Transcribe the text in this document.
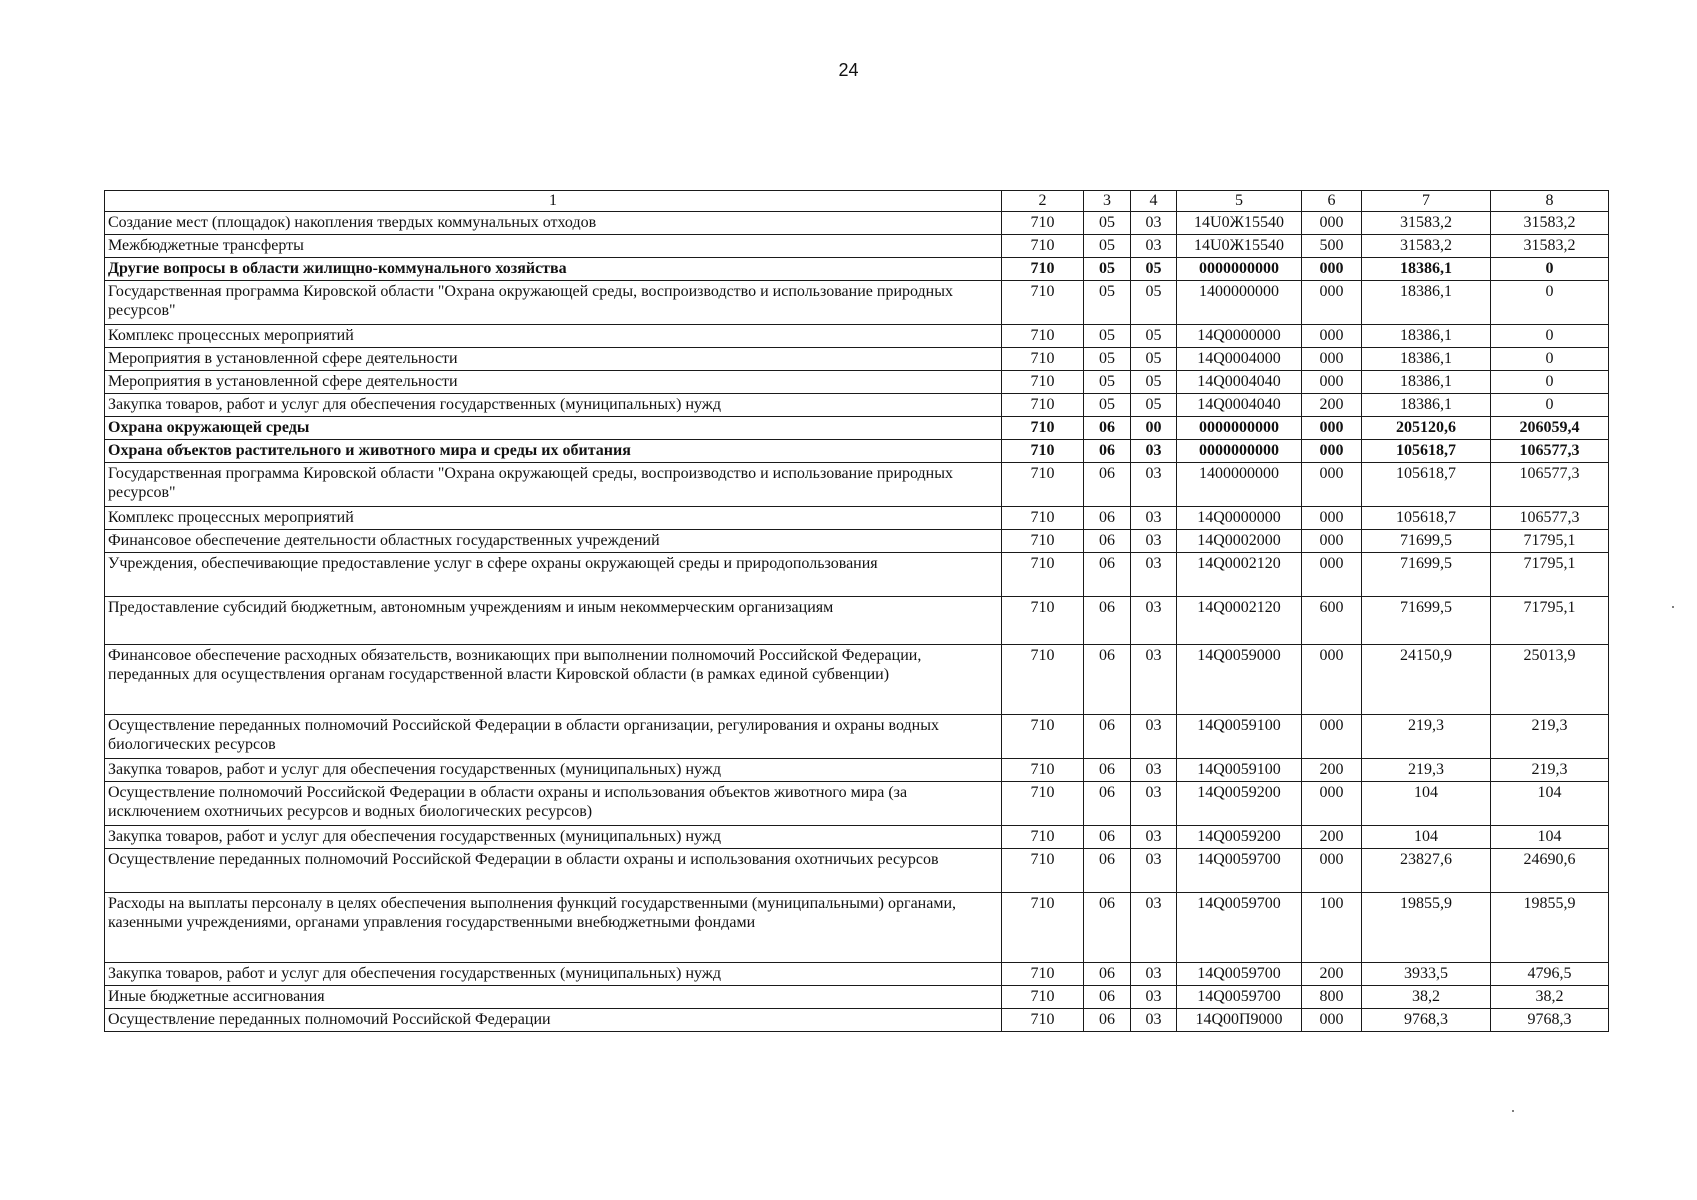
24
1	2	3	4	5	6	7	8
Создание мест (площадок) накопления твердых коммунальных отходов	710	05	03	14U0Ж15540	000	31583,2	31583,2
Межбюджетные трансферты	710	05	03	14U0Ж15540	500	31583,2	31583,2
Другие вопросы в области жилищно-коммунального хозяйства	710	05	05	0000000000	000	18386,1	0
Государственная программа Кировской области "Охрана окружающей среды, воспроизводство и использование природных ресурсов"	710	05	05	1400000000	000	18386,1	0
Комплекс процессных мероприятий	710	05	05	14Q0000000	000	18386,1	0
Мероприятия в установленной сфере деятельности	710	05	05	14Q0004000	000	18386,1	0
Мероприятия в установленной сфере деятельности	710	05	05	14Q0004040	000	18386,1	0
Закупка товаров, работ и услуг для обеспечения государственных (муниципальных) нужд	710	05	05	14Q0004040	200	18386,1	0
Охрана окружающей среды	710	06	00	0000000000	000	205120,6	206059,4
Охрана объектов растительного и животного мира и среды их обитания	710	06	03	0000000000	000	105618,7	106577,3
Государственная программа Кировской области "Охрана окружающей среды, воспроизводство и использование природных ресурсов"	710	06	03	1400000000	000	105618,7	106577,3
Комплекс процессных мероприятий	710	06	03	14Q0000000	000	105618,7	106577,3
Финансовое обеспечение деятельности областных государственных учреждений	710	06	03	14Q0002000	000	71699,5	71795,1
Учреждения, обеспечивающие предоставление услуг в сфере охраны окружающей среды и природопользования	710	06	03	14Q0002120	000	71699,5	71795,1
Предоставление субсидий бюджетным, автономным учреждениям и иным некоммерческим организациям	710	06	03	14Q0002120	600	71699,5	71795,1
Финансовое обеспечение расходных обязательств, возникающих при выполнении полномочий Российской Федерации, переданных для осуществления органам государственной власти Кировской области (в рамках единой субвенции)	710	06	03	14Q0059000	000	24150,9	25013,9
Осуществление переданных полномочий Российской Федерации в области организации, регулирования и охраны водных биологических ресурсов	710	06	03	14Q0059100	000	219,3	219,3
Закупка товаров, работ и услуг для обеспечения государственных (муниципальных) нужд	710	06	03	14Q0059100	200	219,3	219,3
Осуществление полномочий Российской Федерации в области охраны и использования объектов животного мира (за исключением охотничьих ресурсов и водных биологических ресурсов)	710	06	03	14Q0059200	000	104	104
Закупка товаров, работ и услуг для обеспечения государственных (муниципальных) нужд	710	06	03	14Q0059200	200	104	104
Осуществление переданных полномочий Российской Федерации в области охраны и использования охотничьих ресурсов	710	06	03	14Q0059700	000	23827,6	24690,6
Расходы на выплаты персоналу в целях обеспечения выполнения функций государственными (муниципальными) органами, казенными учреждениями, органами управления государственными внебюджетными фондами	710	06	03	14Q0059700	100	19855,9	19855,9
Закупка товаров, работ и услуг для обеспечения государственных (муниципальных) нужд	710	06	03	14Q0059700	200	3933,5	4796,5
Иные бюджетные ассигнования	710	06	03	14Q0059700	800	38,2	38,2
Осуществление переданных полномочий Российской Федерации	710	06	03	14Q00П9000	000	9768,3	9768,3
